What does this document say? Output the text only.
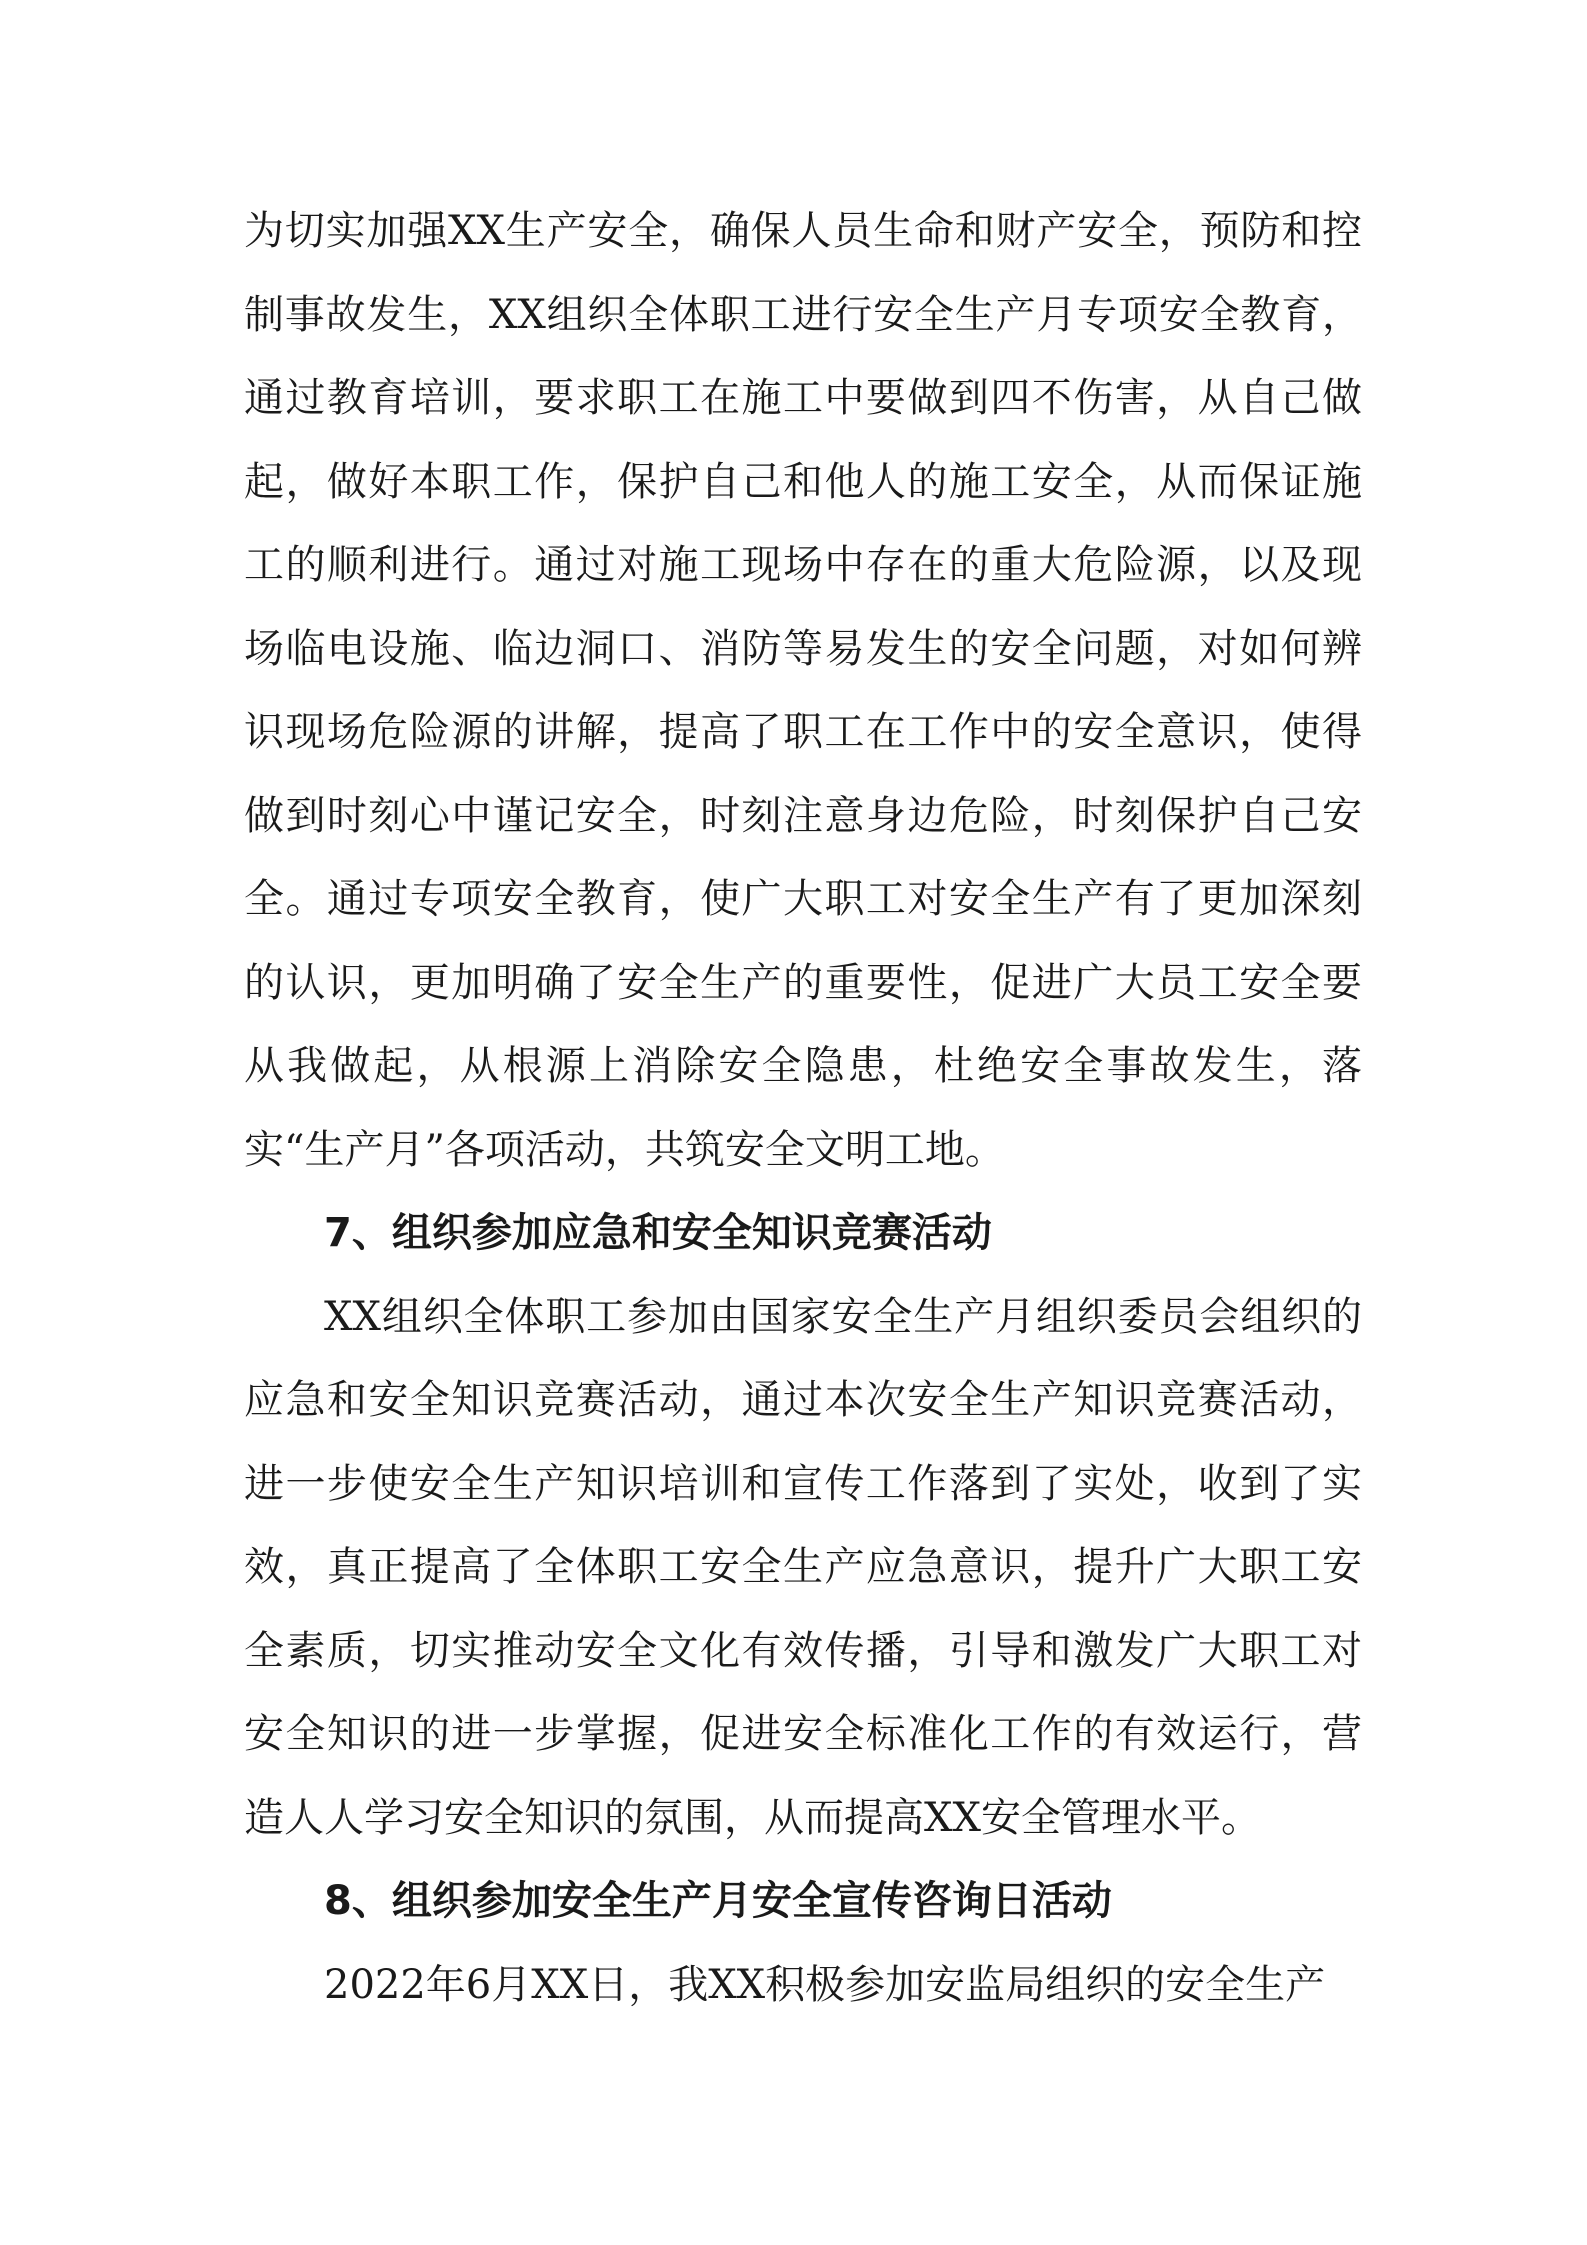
为切实加强XX生产安全，确保人员生命和财产安全，预防和控制事故发生，XX组织全体职工进行安全生产月专项安全教育，通过教育培训，要求职工在施工中要做到四不伤害，从自己做起，做好本职工作，保护自己和他人的施工安全，从而保证施工的顺利进行。通过对施工现场中存在的重大危险源，以及现场临电设施、临边洞口、消防等易发生的安全问题，对如何辨识现场危险源的讲解，提高了职工在工作中的安全意识，使得做到时刻心中谨记安全，时刻注意身边危险，时刻保护自己安全。通过专项安全教育，使广大职工对安全生产有了更加深刻的认识，更加明确了安全生产的重要性，促进广大员工安全要从我做起，从根源上消除安全隐患，杜绝安全事故发生，落实“生产月”各项活动，共筑安全文明工地。

7、组织参加应急和安全知识竞赛活动

XX组织全体职工参加由国家安全生产月组织委员会组织的应急和安全知识竞赛活动，通过本次安全生产知识竞赛活动，进一步使安全生产知识培训和宣传工作落到了实处，收到了实效，真正提高了全体职工安全生产应急意识，提升广大职工安全素质，切实推动安全文化有效传播，引导和激发广大职工对安全知识的进一步掌握，促进安全标准化工作的有效运行，营造人人学习安全知识的氛围，从而提高XX安全管理水平。

8、组织参加安全生产月安全宣传咨询日活动

2022年6月XX日，我XX积极参加安监局组织的安全生产
